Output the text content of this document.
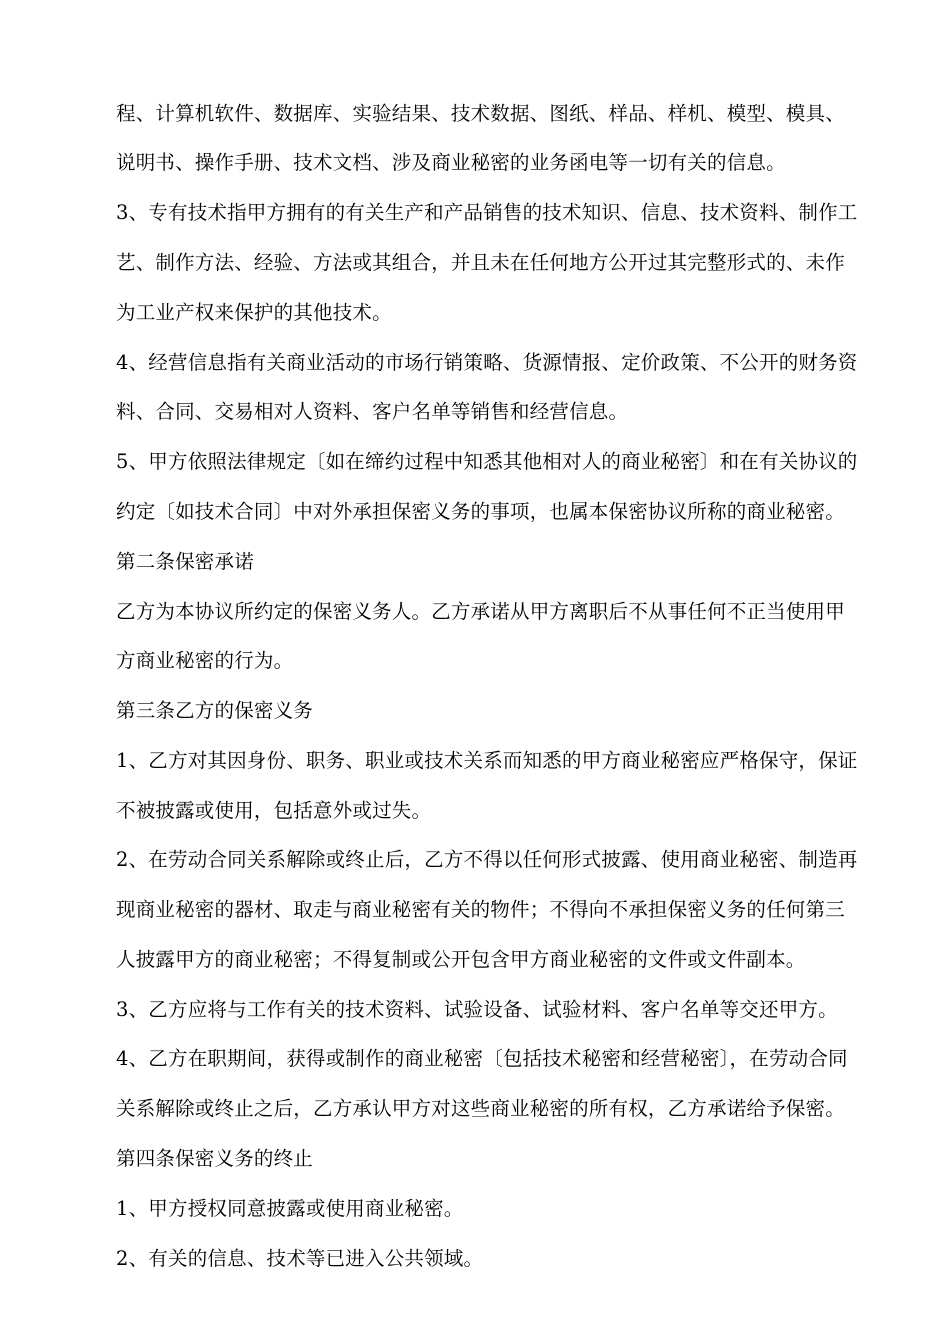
程、计算机软件、数据库、实验结果、技术数据、图纸、样品、样机、模型、模具、
说明书、操作手册、技术文档、涉及商业秘密的业务函电等一切有关的信息。
3、专有技术指甲方拥有的有关生产和产品销售的技术知识、信息、技术资料、制作工
艺、制作方法、经验、方法或其组合，并且未在任何地方公开过其完整形式的、未作
为工业产权来保护的其他技术。
4、经营信息指有关商业活动的市场行销策略、货源情报、定价政策、不公开的财务资
料、合同、交易相对人资料、客户名单等销售和经营信息。
5、甲方依照法律规定〔如在缔约过程中知悉其他相对人的商业秘密〕和在有关协议的
约定〔如技术合同〕中对外承担保密义务的事项，也属本保密协议所称的商业秘密。
第二条保密承诺
乙方为本协议所约定的保密义务人。乙方承诺从甲方离职后不从事任何不正当使用甲
方商业秘密的行为。
第三条乙方的保密义务
1、乙方对其因身份、职务、职业或技术关系而知悉的甲方商业秘密应严格保守，保证
不被披露或使用，包括意外或过失。
2、在劳动合同关系解除或终止后，乙方不得以任何形式披露、使用商业秘密、制造再
现商业秘密的器材、取走与商业秘密有关的物件；不得向不承担保密义务的任何第三
人披露甲方的商业秘密；不得复制或公开包含甲方商业秘密的文件或文件副本。
3、乙方应将与工作有关的技术资料、试验设备、试验材料、客户名单等交还甲方。
4、乙方在职期间，获得或制作的商业秘密〔包括技术秘密和经营秘密〕，在劳动合同
关系解除或终止之后，乙方承认甲方对这些商业秘密的所有权，乙方承诺给予保密。
第四条保密义务的终止
1、甲方授权同意披露或使用商业秘密。
2、有关的信息、技术等已进入公共领域。
